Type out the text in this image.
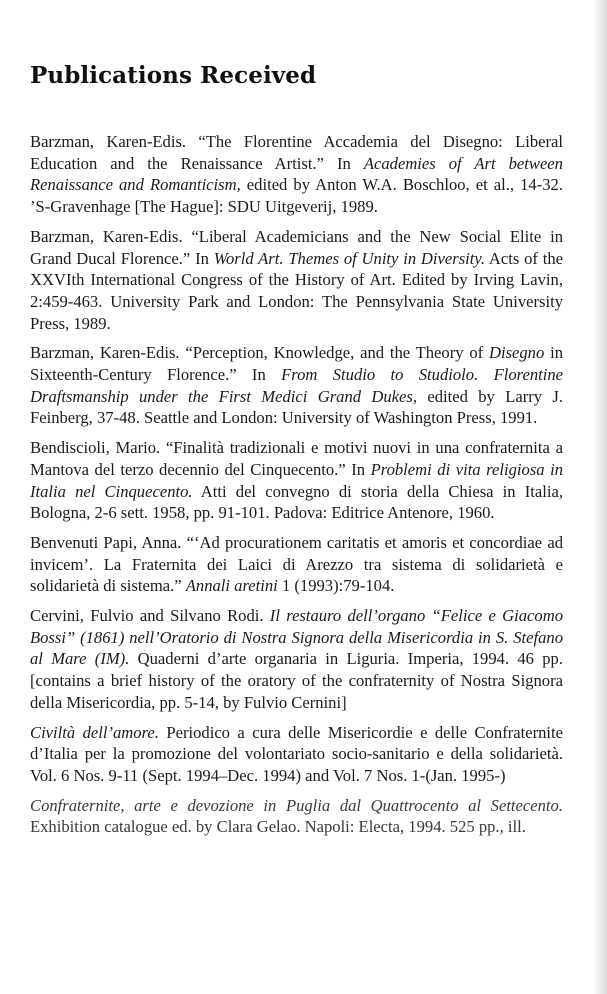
Publications Received

Barzman, Karen-Edis. “The Florentine Accademia del Disegno: Liberal Education and the Renaissance Artist.” In Academies of Art between Renaissance and Romanticism, edited by Anton W.A. Boschloo, et al., 14-32. ’S-Gravenhage [The Hague]: SDU Uitgeverij, 1989.

Barzman, Karen-Edis. “Liberal Academicians and the New Social Elite in Grand Ducal Florence.” In World Art. Themes of Unity in Diversity. Acts of the XXVIth International Congress of the History of Art. Edited by Irving Lavin, 2:459-463. University Park and London: The Pennsylvania State University Press, 1989.

Barzman, Karen-Edis. “Perception, Knowledge, and the Theory of Disegno in Sixteenth-Century Florence.” In From Studio to Studiolo. Florentine Draftsmanship under the First Medici Grand Dukes, edited by Larry J. Feinberg, 37-48. Seattle and London: University of Washington Press, 1991.

Bendiscioli, Mario. “Finalità tradizionali e motivi nuovi in una confraternita a Mantova del terzo decennio del Cinquecento.” In Problemi di vita religiosa in Italia nel Cinquecento. Atti del convegno di storia della Chiesa in Italia, Bologna, 2-6 sett. 1958, pp. 91-101. Padova: Editrice Antenore, 1960.

Benvenuti Papi, Anna. “‘Ad procurationem caritatis et amoris et concordiae ad invicem’. La Fraternita dei Laici di Arezzo tra sistema di solidarietà e solidarietà di sistema.” Annali aretini 1 (1993):79-104.

Cervini, Fulvio and Silvano Rodi. Il restauro dell’organo “Felice e Giacomo Bossi” (1861) nell’Oratorio di Nostra Signora della Misericordia in S. Stefano al Mare (IM). Quaderni d’arte organaria in Liguria. Imperia, 1994. 46 pp. [contains a brief history of the oratory of the confraternity of Nostra Signora della Misericordia, pp. 5-14, by Fulvio Cernini]

Civiltà dell’amore. Periodico a cura delle Misericordie e delle Confraternite d’Italia per la promozione del volontariato socio-sanitario e della solidarietà. Vol. 6 Nos. 9-11 (Sept. 1994–Dec. 1994) and Vol. 7 Nos. 1-(Jan. 1995-)

Confraternite, arte e devozione in Puglia dal Quattrocento al Settecento. Exhibition catalogue ed. by Clara Gelao. Napoli: Electa, 1994. 525 pp., ill.
